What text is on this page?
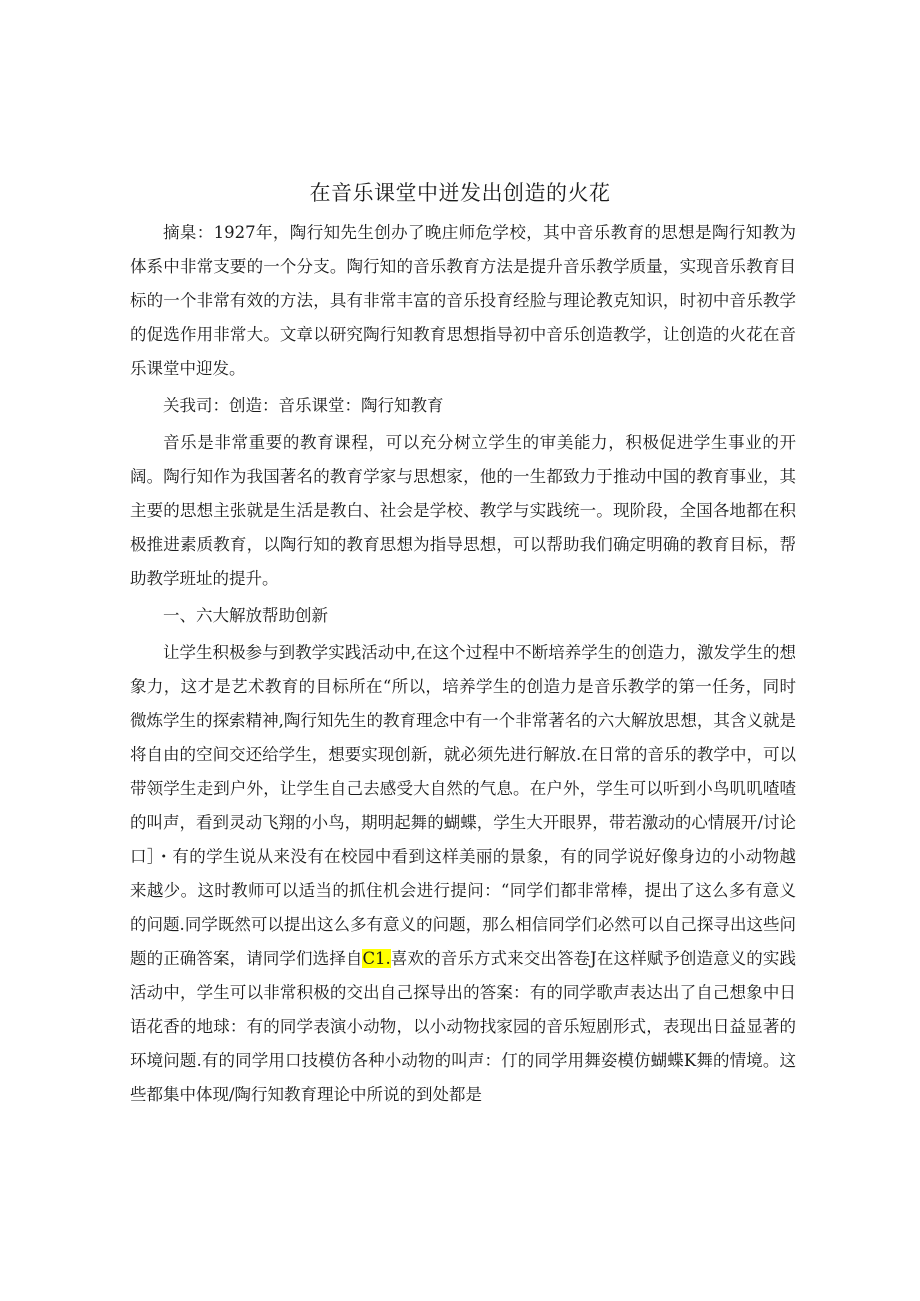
在音乐课堂中迸发出创造的火花

摘臬：1927年，陶行知先生创办了晚庄师危学校，其中音乐教育的思想是陶行知教为体系中非常支要的一个分支。陶行知的音乐教育方法是提升音乐教学质量，实现音乐教育目标的一个非常有效的方法，具有非常丰富的音乐投育经脸与理论教克知识，时初中音乐教学的促选作用非常大。文章以研究陶行知教育思想指导初中音乐创造教学，让创造的火花在音乐课堂中迎发。

关我司：创造：音乐课堂：陶行知教育

音乐是非常重要的教育课程，可以充分树立学生的审美能力，积极促进学生事业的开阔。陶行知作为我国著名的教育学家与思想家，他的一生都致力于推动中国的教育事业，其主要的思想主张就是生活是教白、社会是学校、教学与实践统一。现阶段，全国各地都在积极推进素质教育，以陶行知的教育思想为指导思想，可以帮助我们确定明确的教育目标，帮助教学班址的提升。

一、六大解放帮助创新

让学生积极参与到教学实践活动中,在这个过程中不断培养学生的创造力，激发学生的想象力，这才是艺术教育的目标所在“所以，培养学生的创造力是音乐教学的第一任务，同时微炼学生的探索精神,陶行知先生的教育理念中有一个非常著名的六大解放思想，其含义就是将自由的空间交还给学生，想要实现创新，就必须先进行解放.在日常的音乐的教学中，可以带领学生走到户外，让学生自己去感受大自然的气息。在户外，学生可以听到小鸟叽叽喳喳的叫声，看到灵动飞翔的小鸟，期明起舞的蝴蝶，学生大开眼界，带若激动的心情展开/讨论口］・有的学生说从来没有在校园中看到这样美丽的景象，有的同学说好像身边的小动物越来越少。这时教师可以适当的抓住机会进行提问：“同学们都非常棒，提出了这么多有意义的问题.同学既然可以提出这么多有意义的问题，那么相信同学们必然可以自己探寻出这些问题的正确答案，请同学们选择自C1.喜欢的音乐方式来交出答卷J在这样赋予创造意义的实践活动中，学生可以非常积极的交出自己探导出的答案：有的同学歌声表达出了自己想象中日语花香的地球：有的同学表演小动物，以小动物找家园的音乐短剧形式，表现出日益显著的环境问题.有的同学用口技模仿各种小动物的叫声：仃的同学用舞姿模仿蝴蝶K舞的情境。这些都集中体现/陶行知教育理论中所说的到处都是
